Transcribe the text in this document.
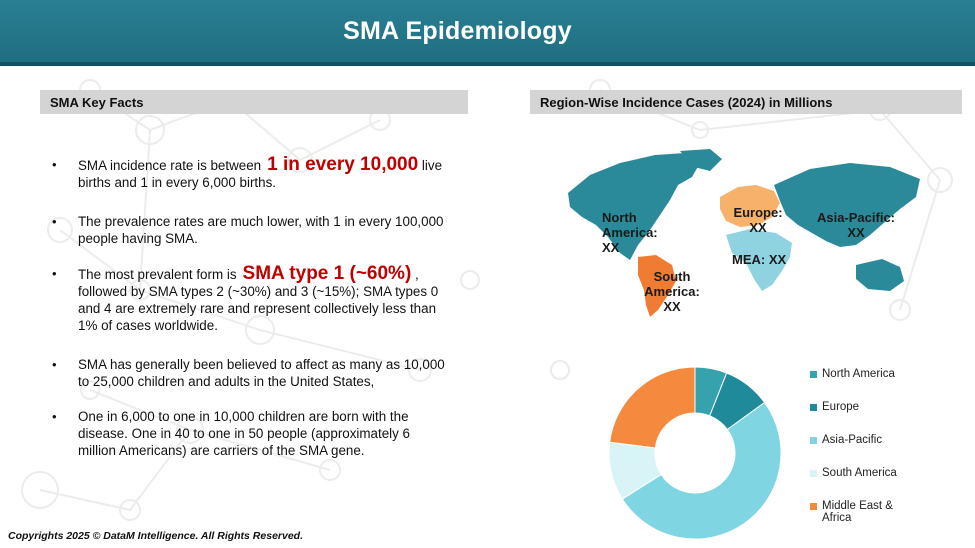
SMA Epidemiology
SMA Key Facts	Region-Wise Incidence Cases (2024) in Millions
• SMA incidence rate is between 1 in every 10,000 live births and 1 in every 6,000 births.
• The prevalence rates are much lower, with 1 in every 100,000 people having SMA.
• The most prevalent form is SMA type 1 (~60%) , followed by SMA types 2 (~30%) and 3 (~15%); SMA types 0 and 4 are extremely rare and represent collectively less than 1% of cases worldwide.
• SMA has generally been believed to affect as many as 10,000 to 25,000 children and adults in the United States,
• One in 6,000 to one in 10,000 children are born with the disease. One in 40 to one in 50 people (approximately 6 million Americans) are carriers of the SMA gene.
North America: XX
Europe: XX
Asia-Pacific: XX
South America: XX
MEA: XX
North America
Europe
Asia-Pacific
South America
Middle East & Africa
Copyrights 2025 © DataM Intelligence. All Rights Reserved.
